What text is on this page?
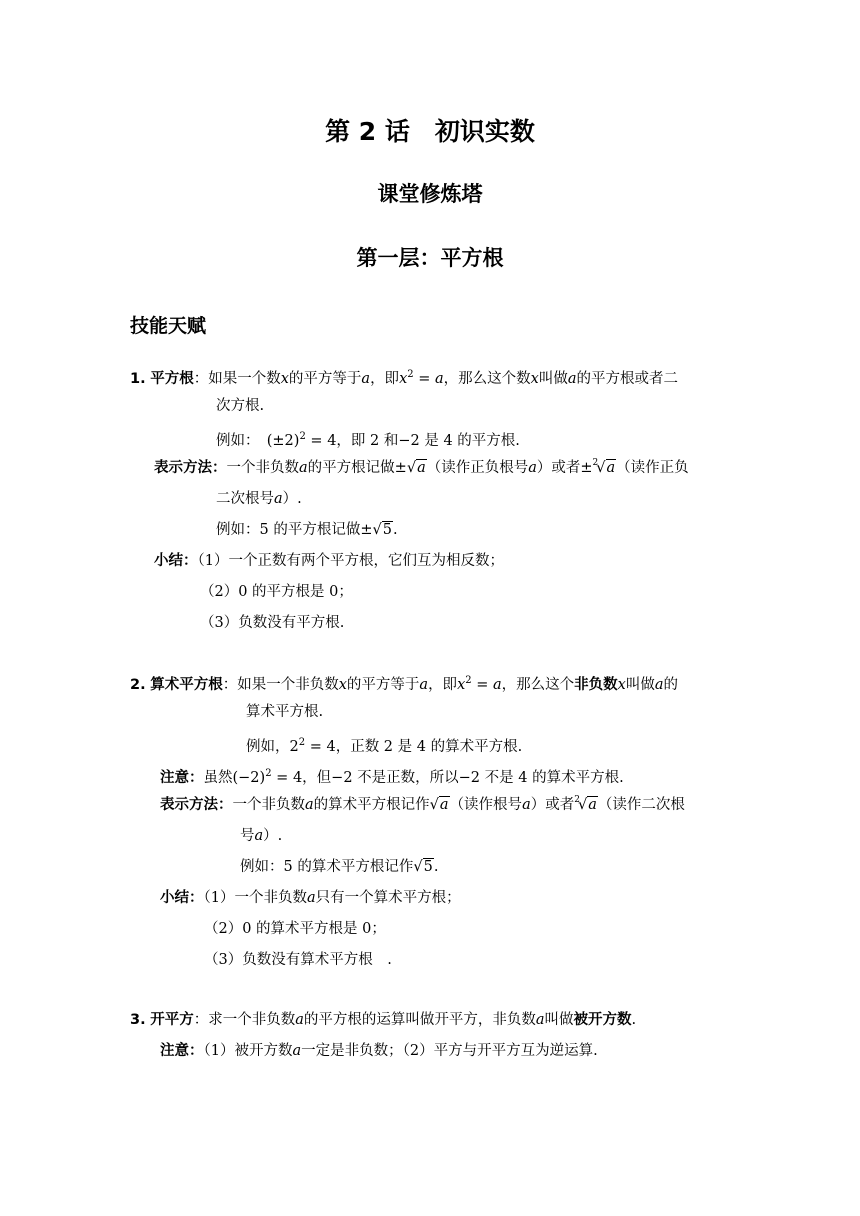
第 2 话　初识实数
课堂修炼塔
第一层：平方根
技能天赋
1. 平方根：如果一个数x的平方等于a，即$x^2 = a$，那么这个数x叫做a的平方根或者二
次方根.
例如：　$(\pm 2)^2 = 4$，即 2 和−2 是 4 的平方根.
表示方法：一个非负数a的平方根记做±√a（读作正负根号a）或者±$^2$√a（读作正负
二次根号a）.
例如：5 的平方根记做±√5.
小结：（1）一个正数有两个平方根，它们互为相反数；
（2）0 的平方根是 0；
（3）负数没有平方根.
2. 算术平方根：如果一个非负数x的平方等于a，即$x^2 = a$，那么这个非负数x叫做a的
算术平方根.
例如，$2^2 = 4$，正数 2 是 4 的算术平方根.
注意：虽然$(-2)^2 = 4$，但−2 不是正数，所以−2 不是 4 的算术平方根.
表示方法：一个非负数a的算术平方根记作√a（读作根号a）或者$^2$√a（读作二次根
号a）.
例如：5 的算术平方根记作√5.
小结：（1）一个非负数a只有一个算术平方根；
（2）0 的算术平方根是 0；
（3）负数没有算术平方根　.
3. 开平方：求一个非负数a的平方根的运算叫做开平方，非负数a叫做被开方数.
注意：（1）被开方数a一定是非负数；（2）平方与开平方互为逆运算.
